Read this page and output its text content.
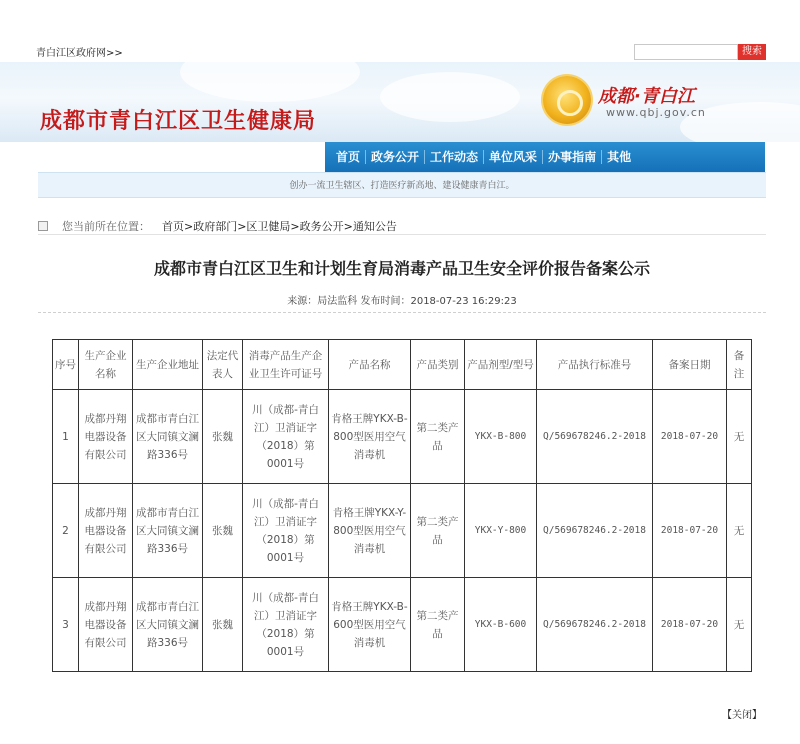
青白江区政府网>>	搜索
成都市青白江区卫生健康局
成都·青白江
www.qbj.gov.cn
首页 政务公开 工作动态 单位风采 办事指南 其他
创办一流卫生辖区、打造医疗新高地、建设健康青白江。
您当前所在位置： 首页>政府部门>区卫健局>政务公开>通知公告
成都市青白江区卫生和计划生育局消毒产品卫生安全评价报告备案公示
来源：局法监科 发布时间：2018-07-23 16:29:23
序号	生产企业名称	生产企业地址	法定代表人	消毒产品生产企业卫生许可证号	产品名称	产品类别	产品剂型/型号	产品执行标准号	备案日期	备注
1	成都丹翔电器设备有限公司	成都市青白江区大同镇文澜路336号	张魏	川（成都-青白江）卫消证字（2018）第0001号	肯格王牌YKX-B-800型医用空气消毒机	第二类产品	YKX-B-800	Q/569678246.2-2018	2018-07-20	无
2	成都丹翔电器设备有限公司	成都市青白江区大同镇文澜路336号	张魏	川（成都-青白江）卫消证字（2018）第0001号	肯格王牌YKX-Y-800型医用空气消毒机	第二类产品	YKX-Y-800	Q/569678246.2-2018	2018-07-20	无
3	成都丹翔电器设备有限公司	成都市青白江区大同镇文澜路336号	张魏	川（成都-青白江）卫消证字（2018）第0001号	肯格王牌YKX-B-600型医用空气消毒机	第二类产品	YKX-B-600	Q/569678246.2-2018	2018-07-20	无
【关闭】
